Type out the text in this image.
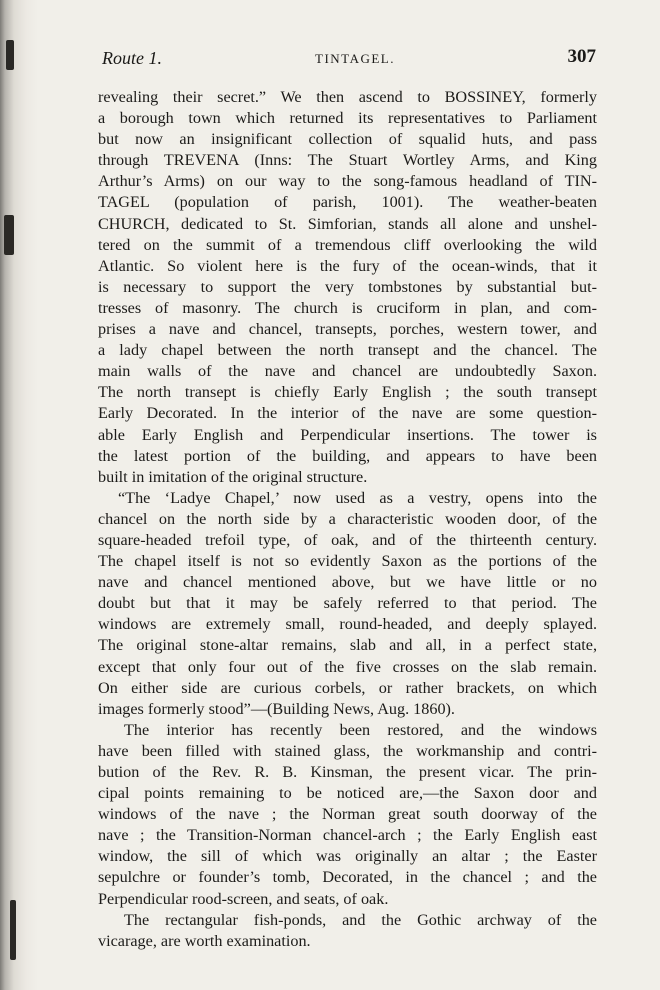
Route 1.	TINTAGEL.	307
revealing their secret.” We then ascend to BOSSINEY, formerly
a borough town which returned its representatives to Parliament
but now an insignificant collection of squalid huts, and pass
through TREVENA (Inns: The Stuart Wortley Arms, and King
Arthur’s Arms) on our way to the song-famous headland of TIN-
TAGEL (population of parish, 1001). The weather-beaten
CHURCH, dedicated to St. Simforian, stands all alone and unshel-
tered on the summit of a tremendous cliff overlooking the wild
Atlantic. So violent here is the fury of the ocean-winds, that it
is necessary to support the very tombstones by substantial but-
tresses of masonry. The church is cruciform in plan, and com-
prises a nave and chancel, transepts, porches, western tower, and
a lady chapel between the north transept and the chancel. The
main walls of the nave and chancel are undoubtedly Saxon.
The north transept is chiefly Early English ; the south transept
Early Decorated. In the interior of the nave are some question-
able Early English and Perpendicular insertions. The tower is
the latest portion of the building, and appears to have been
built in imitation of the original structure.
“The ‘Ladye Chapel,’ now used as a vestry, opens into the
chancel on the north side by a characteristic wooden door, of the
square-headed trefoil type, of oak, and of the thirteenth century.
The chapel itself is not so evidently Saxon as the portions of the
nave and chancel mentioned above, but we have little or no
doubt but that it may be safely referred to that period. The
windows are extremely small, round-headed, and deeply splayed.
The original stone-altar remains, slab and all, in a perfect state,
except that only four out of the five crosses on the slab remain.
On either side are curious corbels, or rather brackets, on which
images formerly stood”—(Building News, Aug. 1860).
The interior has recently been restored, and the windows
have been filled with stained glass, the workmanship and contri-
bution of the Rev. R. B. Kinsman, the present vicar. The prin-
cipal points remaining to be noticed are,—the Saxon door and
windows of the nave ; the Norman great south doorway of the
nave ; the Transition-Norman chancel-arch ; the Early English east
window, the sill of which was originally an altar ; the Easter
sepulchre or founder’s tomb, Decorated, in the chancel ; and the
Perpendicular rood-screen, and seats, of oak.
The rectangular fish-ponds, and the Gothic archway of the
vicarage, are worth examination.
